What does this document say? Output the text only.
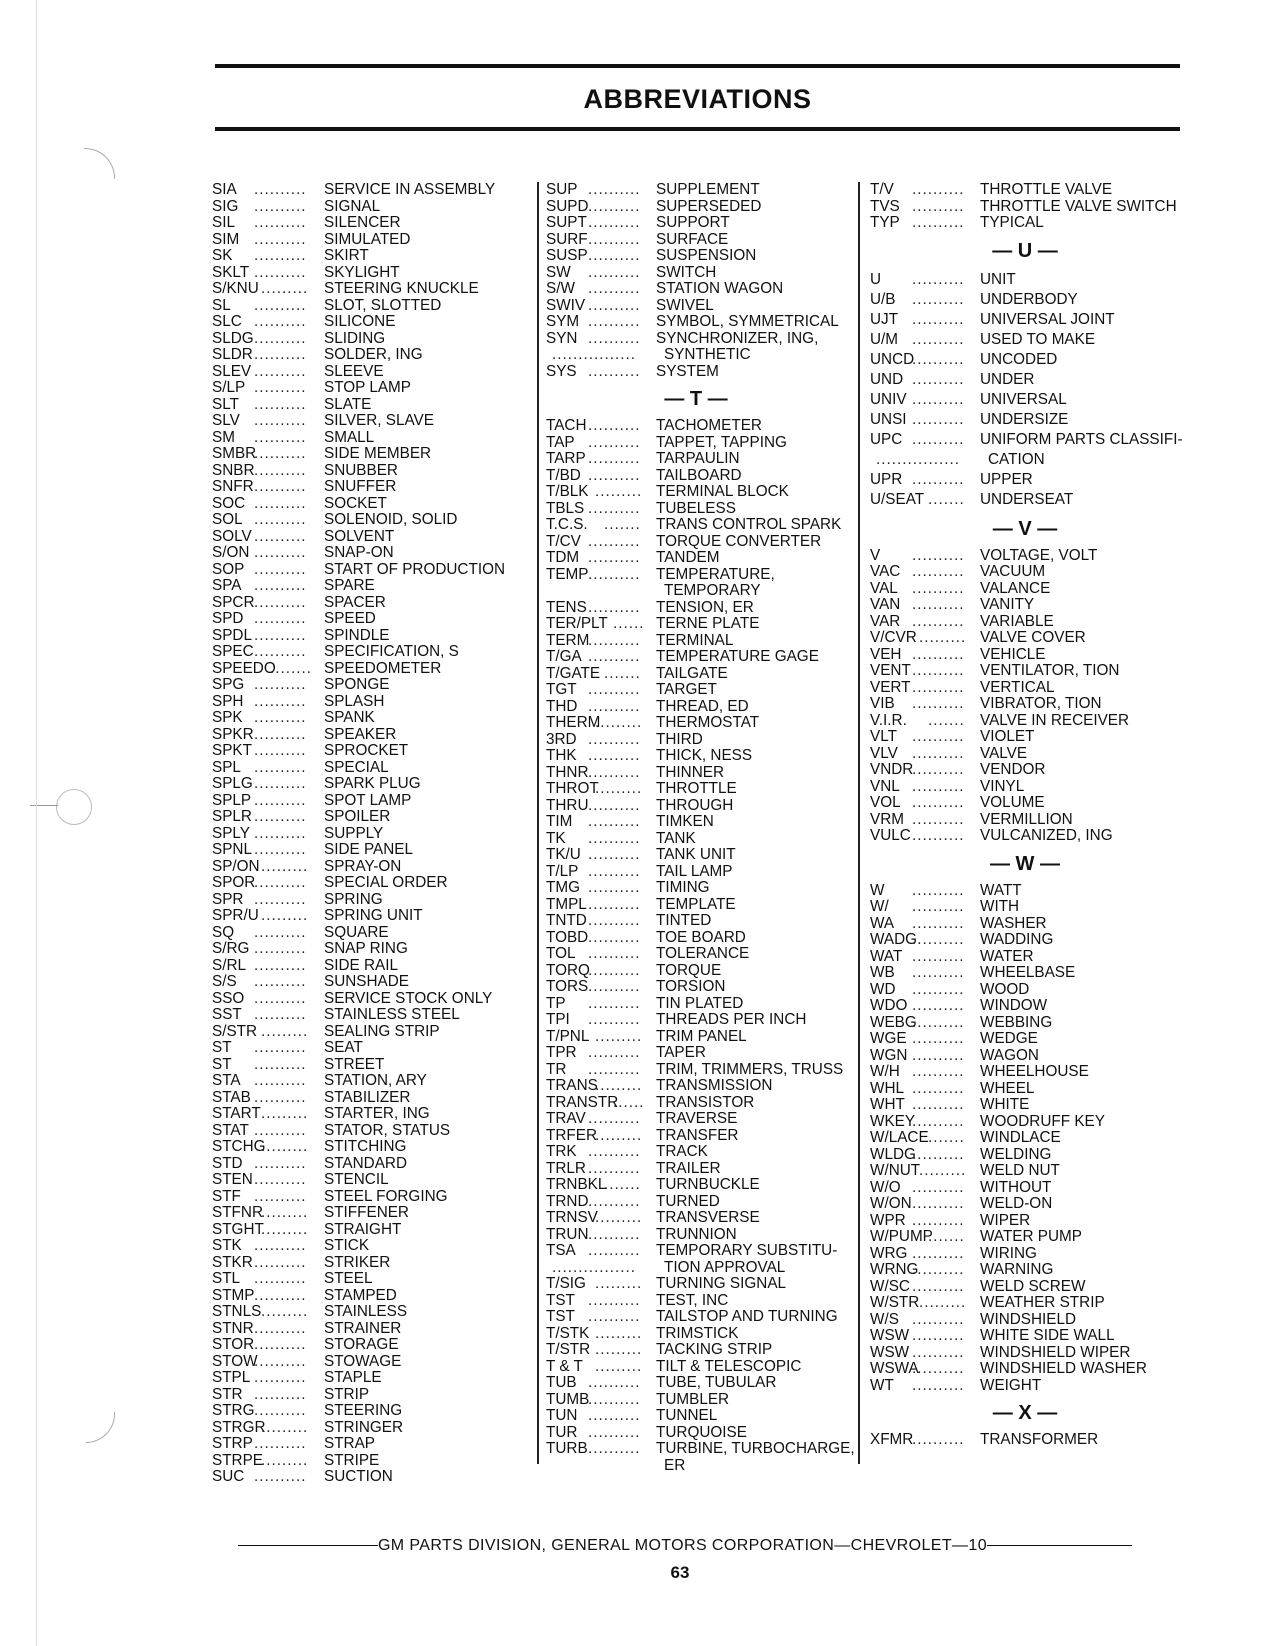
ABBREVIATIONS
SIA .......... SERVICE IN ASSEMBLY
SIG .......... SIGNAL
SIL .......... SILENCER
SIM .......... SIMULATED
SK .......... SKIRT
SKLT .......... SKYLIGHT
S/KNU ......... STEERING KNUCKLE
SL .......... SLOT, SLOTTED
SLC .......... SILICONE
SLDG .......... SLIDING
SLDR .......... SOLDER, ING
SLEV .......... SLEEVE
S/LP .......... STOP LAMP
SLT .......... SLATE
SLV .......... SILVER, SLAVE
SM .......... SMALL
SMBR
.......... SIDE MEMBER
SNBR .......... SNUBBER
SNFR .......... SNUFFER
SOC .......... SOCKET
SOL .......... SOLENOID, SOLID
SOLV .......... SOLVENT
S/ON .......... SNAP-ON
SOP .......... START OF PRODUCTION
SPA .......... SPARE
SPCR .......... SPACER
SPD .......... SPEED
SPDL .......... SPINDLE
SPEC .......... SPECIFICATION, S
SPEEDO
........ SPEEDOMETER
SPG .......... SPONGE
SPH .......... SPLASH
SPK .......... SPANK
SPKR .......... SPEAKER
SPKT .......... SPROCKET
SPL .......... SPECIAL
SPLG .......... SPARK PLUG
SPLP .......... SPOT LAMP
SPLR .......... SPOILER
SPLY .......... SUPPLY
SPNL .......... SIDE PANEL
SP/ON ......... SPRAY-ON
SPOR
.......... SPECIAL ORDER
SPR .......... SPRING
SPR/U ......... SPRING UNIT
SQ .......... SQUARE
S/RG .......... SNAP RING
S/RL .......... SIDE RAIL
S/S .......... SUNSHADE
SSO .......... SERVICE STOCK ONLY
SST .......... STAINLESS STEEL
S/STR ......... SEALING STRIP
ST .......... SEAT
ST .......... STREET
STA .......... STATION, ARY
STAB .......... STABILIZER
START ......... STARTER, ING
STAT .......... STATOR, STATUS
STCHG
......... STITCHING
STD .......... STANDARD
STEN .......... STENCIL
STF .......... STEEL FORGING
STFNR
......... STIFFENER
STGHT
......... STRAIGHT
STK .......... STICK
STKR .......... STRIKER
STL .......... STEEL
STMP .......... STAMPED
STNLS ......... STAINLESS
STNR .......... STRAINER
STOR .......... STORAGE
STOW
.......... STOWAGE
STPL .......... STAPLE
STR .......... STRIP
STRG .......... STEERING
STRGR
......... STRINGER
STRP .......... STRAP
STRPE
......... STRIPE
SUC .......... SUCTION
SUP .......... SUPPLEMENT
SUPD .......... SUPERSEDED
SUPT .......... SUPPORT
SURF .......... SURFACE
SUSP .......... SUSPENSION
SW .......... SWITCH
S/W .......... STATION WAGON
SWIV .......... SWIVEL
SYM .......... SYMBOL, SYMMETRICAL
SYN .......... SYNCHRONIZER, ING,
................ SYNTHETIC
SYS .......... SYSTEM
— T —
TACH .......... TACHOMETER
TAP .......... TAPPET, TAPPING
TARP .......... TARPAULIN
T/BD .......... TAILBOARD
T/BLK ......... TERMINAL BLOCK
TBLS .......... TUBELESS
T.C.S. ....... TRANS CONTROL SPARK
T/CV .......... TORQUE CONVERTER
TDM .......... TANDEM
TEMP .......... TEMPERATURE,
TEMPORARY
TENS .......... TENSION, ER
TER/PLT ...... TERNE PLATE
TERM
.......... TERMINAL
T/GA .......... TEMPERATURE GAGE
T/GATE ....... TAILGATE
TGT .......... TARGET
THD .......... THREAD, ED
THERM
......... THERMOSTAT
3RD .......... THIRD
THK .......... THICK, NESS
THNR .......... THINNER
THROT
......... THROTTLE
THRU .......... THROUGH
TIM .......... TIMKEN
TK .......... TANK
TK/U .......... TANK UNIT
T/LP .......... TAIL LAMP
TMG .......... TIMING
TMPL .......... TEMPLATE
TNTD .......... TINTED
TOBD .......... TOE BOARD
TOL .......... TOLERANCE
TORQ
.......... TORQUE
TORS .......... TORSION
TP .......... TIN PLATED
TPI .......... THREADS PER INCH
T/PNL ......... TRIM PANEL
TPR .......... TAPER
TR .......... TRIM, TRIMMERS, TRUSS
TRANS
......... TRANSMISSION
TRANSTR
...... TRANSISTOR
TRAV .......... TRAVERSE
TRFER
......... TRANSFER
TRK .......... TRACK
TRLR .......... TRAILER
TRNBKL
....... TURNBUCKLE
TRND .......... TURNED
TRNSV
......... TRANSVERSE
TRUN .......... TRUNNION
TSA .......... TEMPORARY SUBSTITU-
................ TION APPROVAL
T/SIG ......... TURNING SIGNAL
TST .......... TEST, INC
TST .......... TAILSTOP AND TURNING
T/STK ......... TRIMSTICK
T/STR ......... TACKING STRIP
T & T ......... TILT & TELESCOPIC
TUB .......... TUBE, TUBULAR
TUMB
.......... TUMBLER
TUN .......... TUNNEL
TUR .......... TURQUOISE
TURB .......... TURBINE, TURBOCHARGE,
ER
T/V .......... THROTTLE VALVE
TVS .......... THROTTLE VALVE SWITCH
TYP .......... TYPICAL
— U —
U .......... UNIT
U/B .......... UNDERBODY
UJT .......... UNIVERSAL JOINT
U/M .......... USED TO MAKE
UNCD
.......... UNCODED
UND .......... UNDER
UNIV .......... UNIVERSAL
UNSI .......... UNDERSIZE
UPC .......... UNIFORM PARTS CLASSIFI-
................ CATION
UPR .......... UPPER
U/SEAT ....... UNDERSEAT
— V —
V .......... VOLTAGE, VOLT
VAC .......... VACUUM
VAL .......... VALANCE
VAN .......... VANITY
VAR .......... VARIABLE
V/CVR ......... VALVE COVER
VEH .......... VEHICLE
VENT .......... VENTILATOR, TION
VERT .......... VERTICAL
VIB .......... VIBRATOR, TION
V.I.R. ....... VALVE IN RECEIVER
VLT .......... VIOLET
VLV .......... VALVE
VNDR
.......... VENDOR
VNL .......... VINYL
VOL .......... VOLUME
VRM .......... VERMILLION
VULC .......... VULCANIZED, ING
— W —
W .......... WATT
W/ .......... WITH
WA .......... WASHER
WADG
.......... WADDING
WAT .......... WATER
WB .......... WHEELBASE
WD .......... WOOD
WDO .......... WINDOW
WEBG
.......... WEBBING
WGE .......... WEDGE
WGN .......... WAGON
W/H .......... WHEELHOUSE
WHL .......... WHEEL
WHT .......... WHITE
WKEY
.......... WOODRUFF KEY
W/LACE ....... WINDLACE
WLDG
.......... WELDING
W/NUT
......... WELD NUT
W/O .......... WITHOUT
W/ON .......... WELD-ON
WPR .......... WIPER
W/PUMP
....... WATER PUMP
WRG .......... WIRING
WRNG
.......... WARNING
W/SC .......... WELD SCREW
W/STR ......... WEATHER STRIP
W/S .......... WINDSHIELD
WSW .......... WHITE SIDE WALL
WSW .......... WINDSHIELD WIPER
WSWA
.......... WINDSHIELD WASHER
WT .......... WEIGHT
— X —
XFMR
.......... TRANSFORMER
GM PARTS DIVISION, GENERAL MOTORS CORPORATION—CHEVROLET—10
63
